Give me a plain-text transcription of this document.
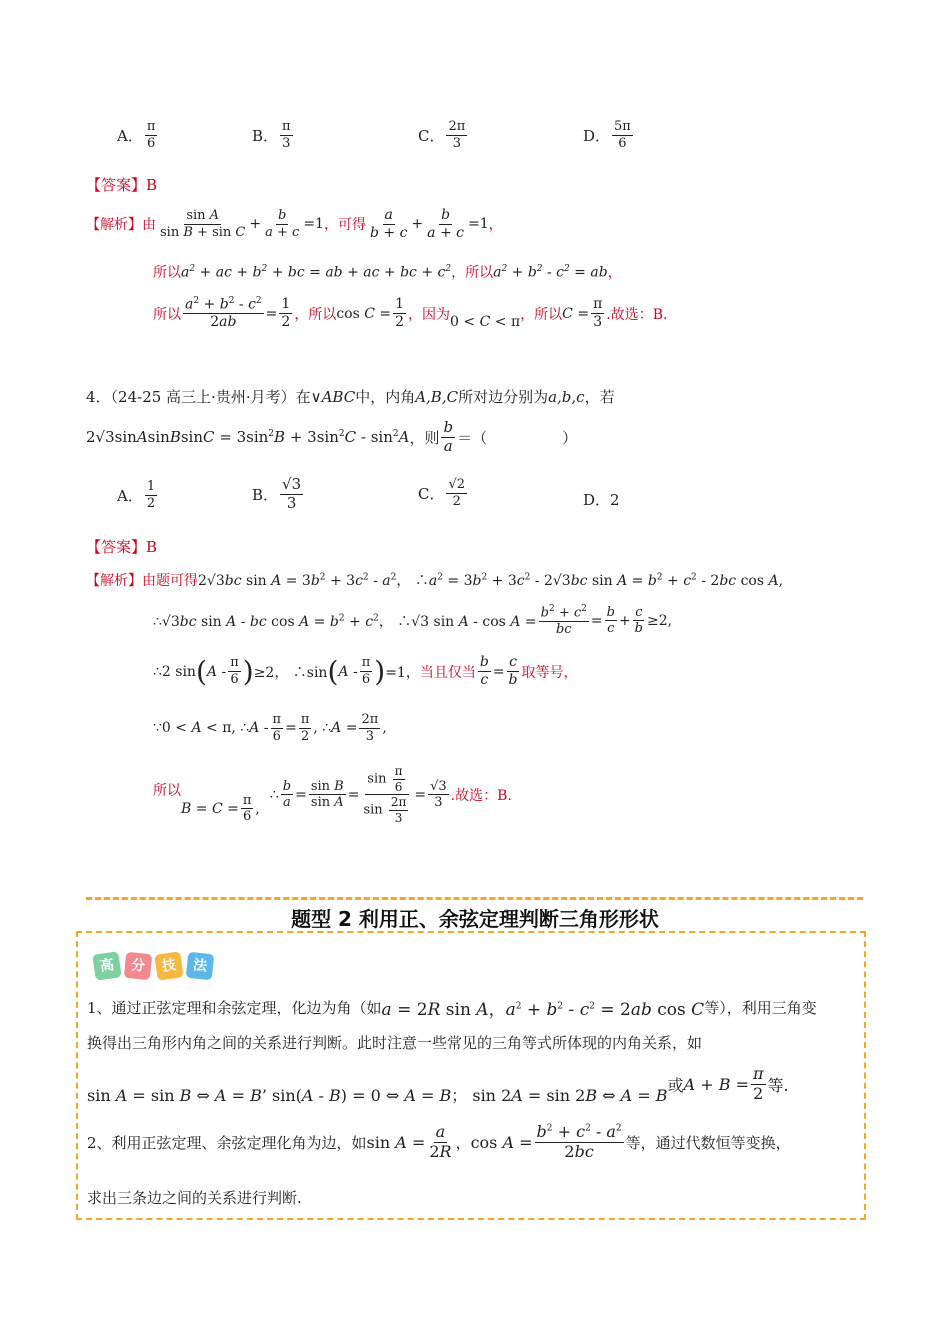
A． $\frac{\pi}{6}$	B． $\frac{\pi}{3}$	C． $\frac{2\pi}{3}$	D． $\frac{5\pi}{6}$
【答案】B
【解析】 由 $\frac{\text{sin A}}{\text{sin B + sin C}} + \frac{b}{a + c} =1$ ，可得 $\frac{a}{b + c} + \frac{b}{a + c} =1$ ，
所以 $a^2$ + ac + $b^2$ + bc = ab + ac + bc + $c^2$ ，所以 $a^2 + b^2 - c^2$ = ab ，
所以 $\frac{a^2 + b^2 - c^2}{2ab} = \frac{1}{2}$ ，所以 $\cos C = \frac{1}{2}$ ，因为 0 < C < π ，所以 $C = \frac{\pi}{3}$ .故选：B.
4．（24-25 高三上·贵州·月考）在 ∨ABC 中，内角 A,B,C 所对边分别为 a,b,c ，若
2√3sinAsinBsinC = $3\sin^2B + 3\sin^2C - \sin^2A$ ，则 $\frac{b}{a}$ ＝（　　　　　）
A． $\frac{1}{2}$	B． $\frac{√3}{3}$	C． $\frac{√2}{2}$	D．2
【答案】B
【解析】 由题可得 2√3bc $\sin A = 3b^2 + 3c^2 - a^2$， $\therefore a^2 = 3b^2 + 3c^2 - 2√3bc$ $\sin A = b^2 + c^2 - 2bc$ cos A,
∴√3bc sin A - bc $\cos A = b^2 + c^2$， ∴√3 $\sin A - \cos A = \frac{b^2 + c^2}{bc} = \frac{b}{c} + \frac{c}{b} \ge 2$,
∴2 sin ( A - $\frac{\pi}{6}$ ) ≥2， ∴sin ( A - $\frac{\pi}{6}$ ) =1， 当且仅当 $\frac{b}{c} = \frac{c}{b}$ 取等号，
∵0 < A < π, ∴A - $\frac{\pi}{6} = \frac{\pi}{2}$ , ∴A = $\frac{2\pi}{3}$ ,
所以
$B = C = \frac{\pi}{6}$ ,
∴ $\frac{b}{a} = \frac{\text{sin B}}{\text{sin A}} = \frac{\sin \frac{\pi}{6}}{\sin \frac{2\pi}{3}} = \frac{√3}{3}$ .故选：B.
题型 2 利用正、余弦定理判断三角形形状
高 分 技 法
1、通过正弦定理和余弦定理，化边为角（如 a = 2R sin A，$a^2 + b^2 - c^2 = 2ab$ cos C 等），利用三角变
换得出三角形内角之间的关系进行判断。此时注意一些常见的三角等式所体现的内角关系，如
sin A = sin B ⇔ A = B’ sin(A - B) = 0 ⇔ A = B； sin 2A = sin 2B ⇔ A = B
或 $A + B = \frac{\pi}{2}$ 等.
2、利用正弦定理、余弦定理化角为边，如 $\sin A = \frac{a}{2R}$ ， $\cos A = \frac{b^2 + c^2 - a^2}{2bc}$ 等，通过代数恒等变换，
求出三条边之间的关系进行判断.
